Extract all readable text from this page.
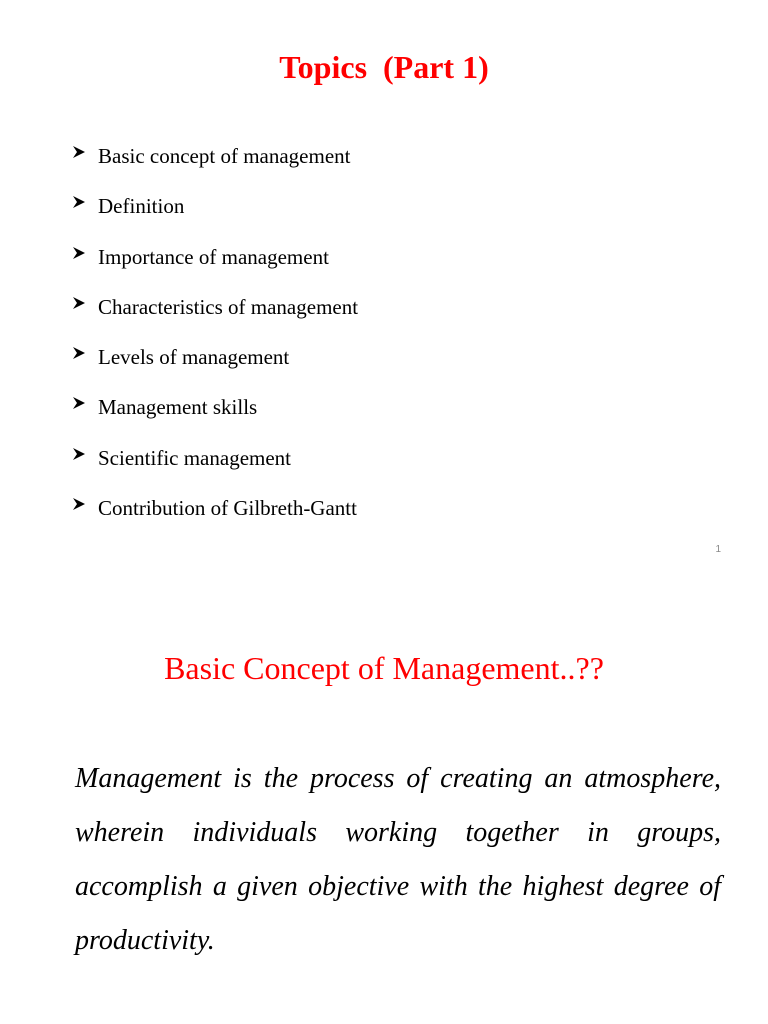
Topics  (Part 1)
Basic concept of management
Definition
Importance of management
Characteristics of management
Levels of management
Management skills
Scientific management
Contribution of Gilbreth-Gantt
1
Basic Concept of Management..??

Management is the process of creating an atmosphere, wherein individuals working together in groups, accomplish a given objective with the highest degree of productivity.
